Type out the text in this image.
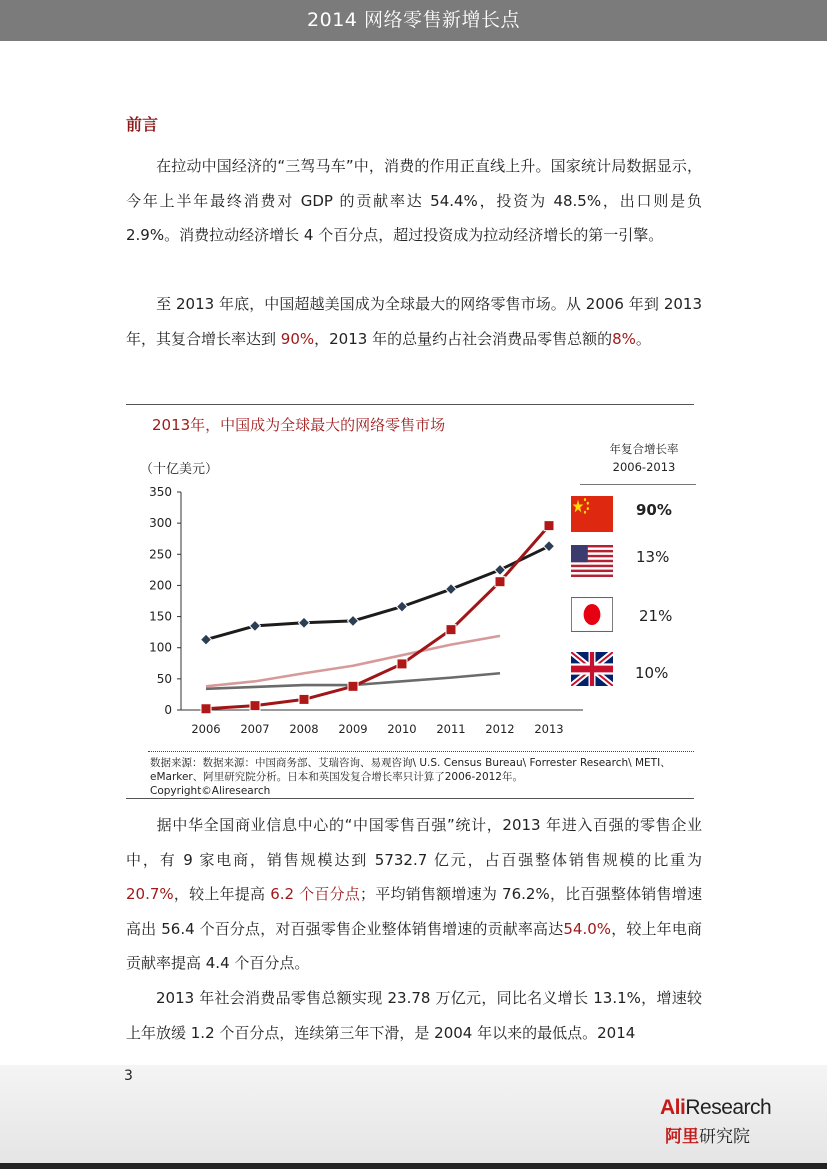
2014 网络零售新增长点
前言

在拉动中国经济的“三驾马车”中，消费的作用正直线上升。国家统计局数据显示，今年上半年最终消费对 GDP 的贡献率达 54.4%，投资为 48.5%，出口则是负 2.9%。消费拉动经济增长 4 个百分点，超过投资成为拉动经济增长的第一引擎。

至 2013 年底，中国超越美国成为全球最大的网络零售市场。从 2006 年到 2013 年，其复合增长率达到 90%，2013 年的总量约占社会消费品零售总额的8%。

2013年，中国成为全球最大的网络零售市场
（十亿美元）
0
50
100
150
200
250
300
350
2006 2007 2008 2009 2010 2011 2012 2013
年复合增长率
2006-2013
90%
13%
21%
10%
数据来源：数据来源：中国商务部、艾瑞咨询、易观咨询\ U.S. Census Bureau\ Forrester Research\ METI、
eMarker、阿里研究院分析。日本和英国发复合增长率只计算了2006-2012年。
Copyright©Aliresearch

据中华全国商业信息中心的“中国零售百强”统计，2013 年进入百强的零售企业中，有 9 家电商，销售规模达到 5732.7 亿元，占百强整体销售规模的比重为 20.7%，较上年提高 6.2 个百分点；平均销售额增速为 76.2%，比百强整体销售增速高出 56.4 个百分点，对百强零售企业整体销售增速的贡献率高达54.0%，较上年电商贡献率提高 4.4 个百分点。

2013 年社会消费品零售总额实现 23.78 万亿元，同比名义增长 13.1%，增速较上年放缓 1.2 个百分点，连续第三年下滑，是 2004 年以来的最低点。2014

3
AliResearch
阿里研究院
